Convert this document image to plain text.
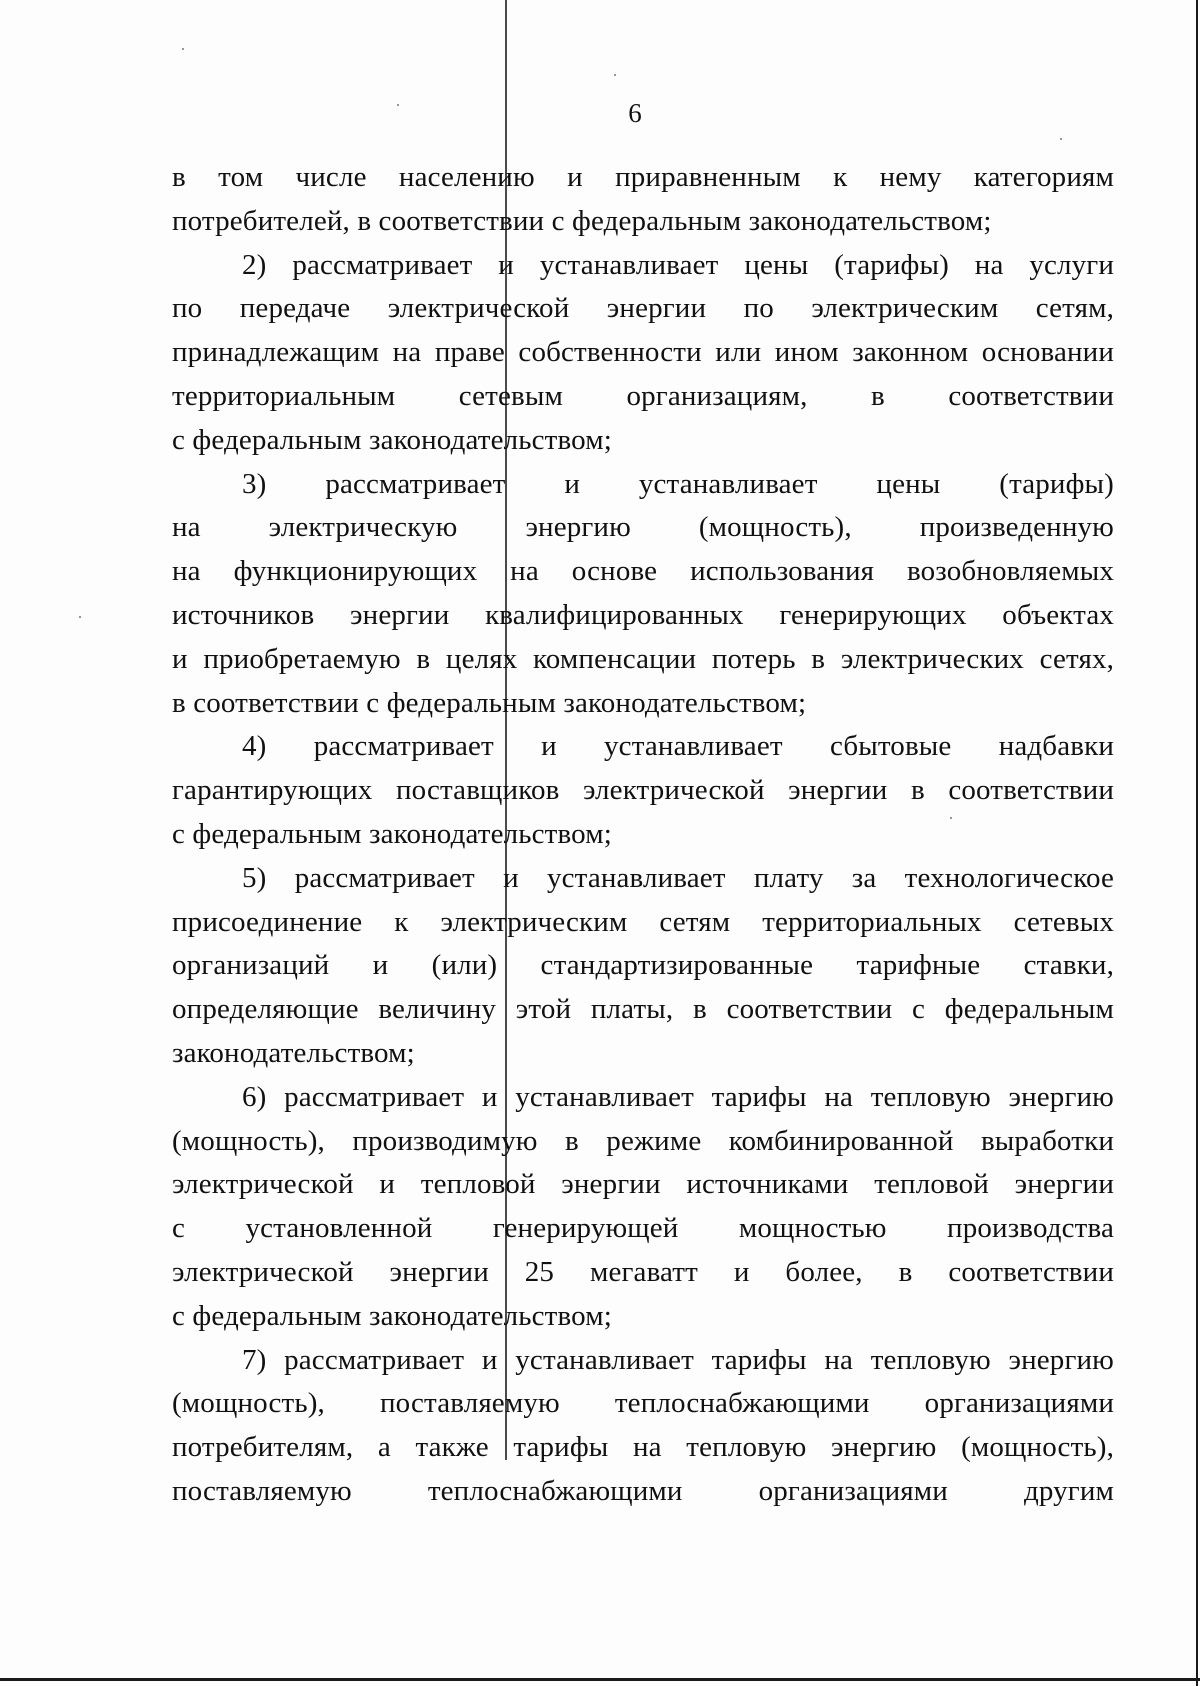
6
в том числе населению и приравненным к нему категориям
потребителей, в соответствии с федеральным законодательством;
2) рассматривает и устанавливает цены (тарифы) на услуги
по передаче электрической энергии по электрическим сетям,
принадлежащим на праве собственности или ином законном основании
территориальным сетевым организациям, в соответствии
с федеральным законодательством;
3) рассматривает и устанавливает цены (тарифы)
на электрическую энергию (мощность), произведенную
на функционирующих на основе использования возобновляемых
источников энергии квалифицированных генерирующих объектах
и приобретаемую в целях компенсации потерь в электрических сетях,
в соответствии с федеральным законодательством;
4) рассматривает и устанавливает сбытовые надбавки
гарантирующих поставщиков электрической энергии в соответствии
с федеральным законодательством;
5) рассматривает и устанавливает плату за технологическое
присоединение к электрическим сетям территориальных сетевых
организаций и (или) стандартизированные тарифные ставки,
определяющие величину этой платы, в соответствии с федеральным
законодательством;
6) рассматривает и устанавливает тарифы на тепловую энергию
(мощность), производимую в режиме комбинированной выработки
электрической и тепловой энергии источниками тепловой энергии
с установленной генерирующей мощностью производства
электрической энергии 25 мегаватт и более, в соответствии
с федеральным законодательством;
7) рассматривает и устанавливает тарифы на тепловую энергию
(мощность), поставляемую теплоснабжающими организациями
потребителям, а также тарифы на тепловую энергию (мощность),
поставляемую теплоснабжающими организациями другим
